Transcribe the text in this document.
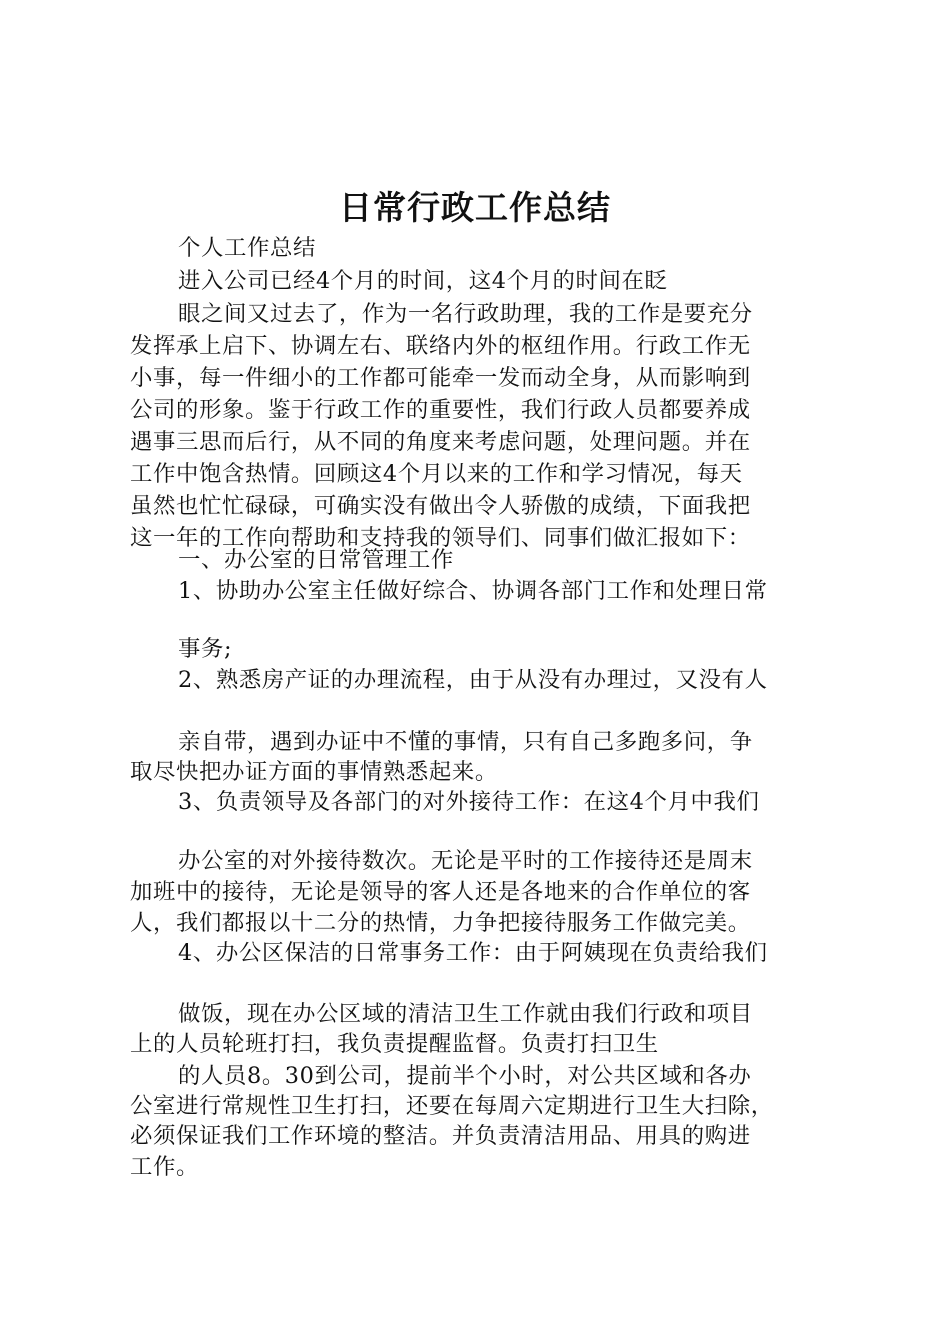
日常行政工作总结
个人工作总结
进入公司已经4个月的时间，这4个月的时间在眨
眼之间又过去了，作为一名行政助理，我的工作是要充分
发挥承上启下、协调左右、联络内外的枢纽作用。行政工作无
小事，每一件细小的工作都可能牵一发而动全身，从而影响到
公司的形象。鉴于行政工作的重要性，我们行政人员都要养成
遇事三思而后行，从不同的角度来考虑问题，处理问题。并在
工作中饱含热情。回顾这4个月以来的工作和学习情况，每天
虽然也忙忙碌碌，可确实没有做出令人骄傲的成绩，下面我把
这一年的工作向帮助和支持我的领导们、同事们做汇报如下：
一、办公室的日常管理工作
1、协助办公室主任做好综合、协调各部门工作和处理日常
事务;
2、熟悉房产证的办理流程，由于从没有办理过，又没有人
亲自带，遇到办证中不懂的事情，只有自己多跑多问，争
取尽快把办证方面的事情熟悉起来。
3、负责领导及各部门的对外接待工作：在这4个月中我们
办公室的对外接待数次。无论是平时的工作接待还是周末
加班中的接待，无论是领导的客人还是各地来的合作单位的客
人，我们都报以十二分的热情，力争把接待服务工作做完美。
4、办公区保洁的日常事务工作：由于阿姨现在负责给我们
做饭，现在办公区域的清洁卫生工作就由我们行政和项目
上的人员轮班打扫，我负责提醒监督。负责打扫卫生
的人员8。30到公司，提前半个小时，对公共区域和各办
公室进行常规性卫生打扫，还要在每周六定期进行卫生大扫除，
必须保证我们工作环境的整洁。并负责清洁用品、用具的购进
工作。
